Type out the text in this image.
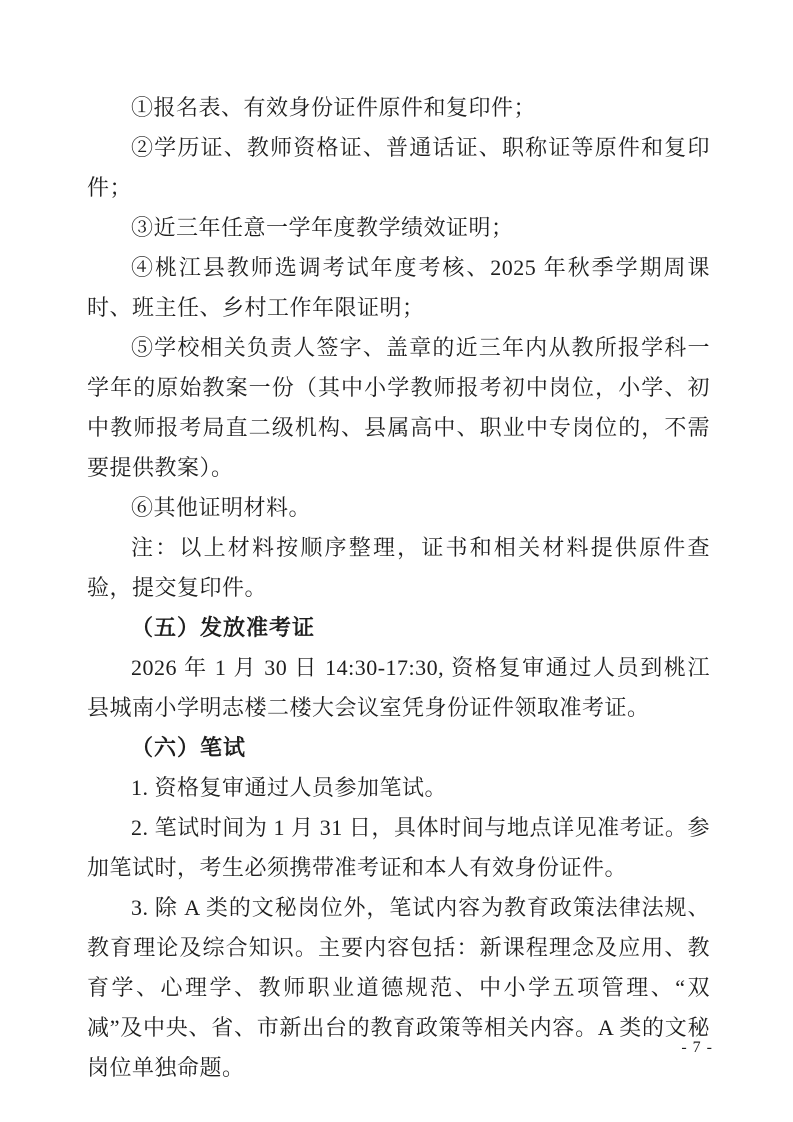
①报名表、有效身份证件原件和复印件；

②学历证、教师资格证、普通话证、职称证等原件和复印件；

③近三年任意一学年度教学绩效证明；

④桃江县教师选调考试年度考核、2025 年秋季学期周课时、班主任、乡村工作年限证明；

⑤学校相关负责人签字、盖章的近三年内从教所报学科一学年的原始教案一份（其中小学教师报考初中岗位，小学、初中教师报考局直二级机构、县属高中、职业中专岗位的，不需要提供教案）。

⑥其他证明材料。

注：以上材料按顺序整理，证书和相关材料提供原件查验，提交复印件。

（五）发放准考证

2026 年 1 月 30 日 14:30-17:30, 资格复审通过人员到桃江县城南小学明志楼二楼大会议室凭身份证件领取准考证。

（六）笔试

1. 资格复审通过人员参加笔试。

2. 笔试时间为 1 月 31 日，具体时间与地点详见准考证。参加笔试时，考生必须携带准考证和本人有效身份证件。

3. 除 A 类的文秘岗位外，笔试内容为教育政策法律法规、教育理论及综合知识。主要内容包括：新课程理念及应用、教育学、心理学、教师职业道德规范、中小学五项管理、“双减”及中央、省、市新出台的教育政策等相关内容。A 类的文秘岗位单独命题。

- 7 -
